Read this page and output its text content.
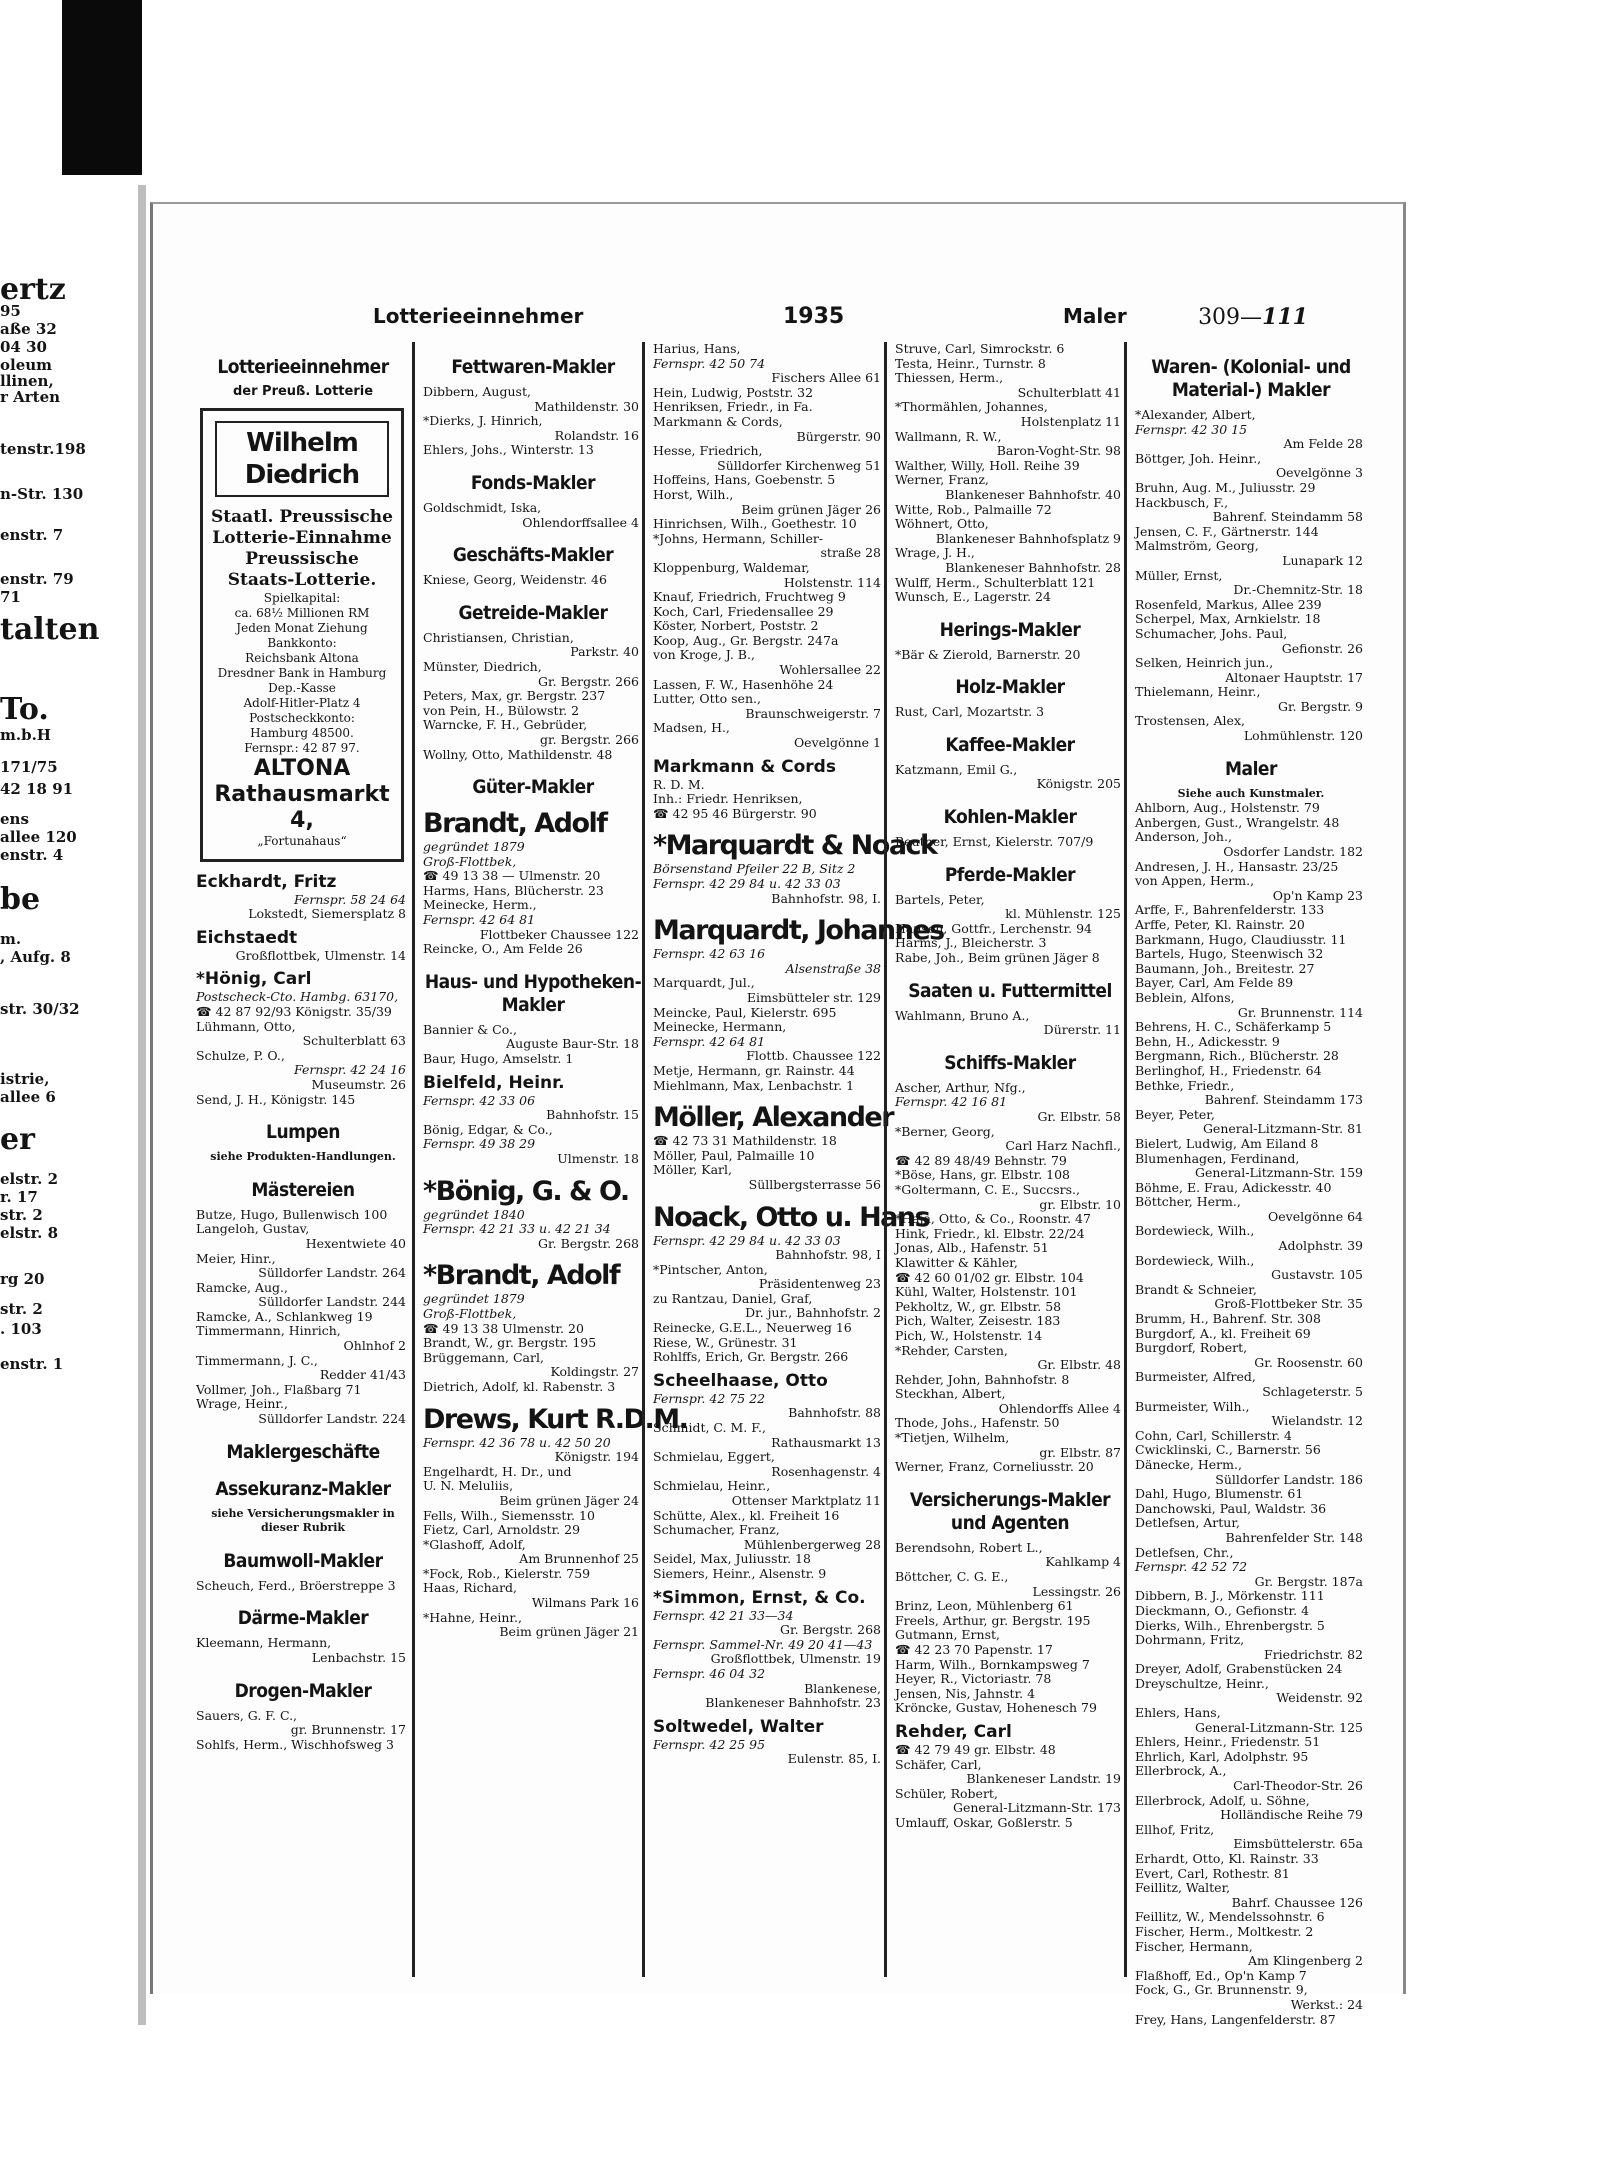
ertz
95
aße 32
04 30
oleum
llinen,
r Arten
tenstr.198
n-Str. 130
enstr. 7
enstr. 79
71
talten
To.
m.b.H
171/75
42 18 91
ens
allee 120
enstr. 4
be
m.
, Aufg. 8
str. 30/32
istrie,
allee 6
er
elstr. 2
r. 17
str. 2
elstr. 8
rg 20
str. 2
. 103
enstr. 1
Lotterieeinnehmer	1935	Maler	309—111
Lotterieeinnehmer
der Preuß. Lotterie
Wilhelm Diedrich
Staatl. Preussische
Lotterie-Einnahme
Preussische Staats-Lotterie.
Spielkapital:
ca. 68½ Millionen RM
Jeden Monat Ziehung
Bankkonto:
Reichsbank Altona
Dresdner Bank in Hamburg
Dep.-Kasse
Adolf-Hitler-Platz 4
Postscheckkonto:
Hamburg 48500.
Fernspr.: 42 87 97.
ALTONA
Rathausmarkt 4,
„Fortunahaus“
Eckhardt, Fritz
Fernspr. 58 24 64
Lokstedt, Siemersplatz 8
Eichstaedt
Großflottbek, Ulmenstr. 14
*Hönig, Carl
Postscheck-Cto. Hambg. 63170,
☎ 42 87 92/93 Königstr. 35/39
Lühmann, Otto,
Schulterblatt 63
Schulze, P. O.,
Fernspr. 42 24 16
Museumstr. 26
Send, J. H., Königstr. 145
Lumpen
siehe Produkten-Handlungen.
Mästereien
Butze, Hugo, Bullenwisch 100
Langeloh, Gustav,
Hexentwiete 40
Meier, Hinr.,
Sülldorfer Landstr. 264
Ramcke, Aug.,
Sülldorfer Landstr. 244
Ramcke, A., Schlankweg 19
Timmermann, Hinrich,
Ohlnhof 2
Timmermann, J. C.,
Redder 41/43
Vollmer, Joh., Flaßbarg 71
Wrage, Heinr.,
Sülldorfer Landstr. 224
Maklergeschäfte
Assekuranz-Makler
siehe Versicherungsmakler in dieser Rubrik
Baumwoll-Makler
Scheuch, Ferd., Bröerstreppe 3
Därme-Makler
Kleemann, Hermann,
Lenbachstr. 15
Drogen-Makler
Sauers, G. F. C.,
gr. Brunnenstr. 17
Sohlfs, Herm., Wischhofsweg 3
Fettwaren-Makler
Dibbern, August,
Mathildenstr. 30
*Dierks, J. Hinrich,
Rolandstr. 16
Ehlers, Johs., Winterstr. 13
Fonds-Makler
Goldschmidt, Iska,
Ohlendorffsallee 4
Geschäfts-Makler
Kniese, Georg, Weidenstr. 46
Getreide-Makler
Christiansen, Christian,
Parkstr. 40
Münster, Diedrich,
Gr. Bergstr. 266
Peters, Max, gr. Bergstr. 237
von Pein, H., Bülowstr. 2
Warncke, F. H., Gebrüder,
gr. Bergstr. 266
Wollny, Otto, Mathildenstr. 48
Güter-Makler
Brandt, Adolf
gegründet 1879
Groß-Flottbek,
☎ 49 13 38 — Ulmenstr. 20
Harms, Hans, Blücherstr. 23
Meinecke, Herm.,
Fernspr. 42 64 81
Flottbeker Chaussee 122
Reincke, O., Am Felde 26
Haus- und Hypotheken-Makler
Bannier & Co.,
Auguste Baur-Str. 18
Baur, Hugo, Amselstr. 1
Bielfeld, Heinr.
Fernspr. 42 33 06
Bahnhofstr. 15
Bönig, Edgar, & Co.,
Fernspr. 49 38 29
Ulmenstr. 18
*Bönig, G. & O.
gegründet 1840
Fernspr. 42 21 33 u. 42 21 34
Gr. Bergstr. 268
*Brandt, Adolf
gegründet 1879
Groß-Flottbek,
☎ 49 13 38 Ulmenstr. 20
Brandt, W., gr. Bergstr. 195
Brüggemann, Carl,
Koldingstr. 27
Dietrich, Adolf, kl. Rabenstr. 3
Drews, Kurt R.D.M.
Fernspr. 42 36 78 u. 42 50 20
Königstr. 194
Engelhardt, H. Dr., und
U. N. Meluliis,
Beim grünen Jäger 24
Fells, Wilh., Siemensstr. 10
Fietz, Carl, Arnoldstr. 29
*Glashoff, Adolf,
Am Brunnenhof 25
*Fock, Rob., Kielerstr. 759
Haas, Richard,
Wilmans Park 16
*Hahne, Heinr.,
Beim grünen Jäger 21
Harius, Hans,
Fernspr. 42 50 74
Fischers Allee 61
Hein, Ludwig, Poststr. 32
Henriksen, Friedr., in Fa.
Markmann & Cords,
Bürgerstr. 90
Hesse, Friedrich,
Sülldorfer Kirchenweg 51
Hoffeins, Hans, Goebenstr. 5
Horst, Wilh.,
Beim grünen Jäger 26
Hinrichsen, Wilh., Goethestr. 10
*Johns, Hermann, Schiller-
straße 28
Kloppenburg, Waldemar,
Holstenstr. 114
Knauf, Friedrich, Fruchtweg 9
Koch, Carl, Friedensallee 29
Köster, Norbert, Poststr. 2
Koop, Aug., Gr. Bergstr. 247a
von Kroge, J. B.,
Wohlersallee 22
Lassen, F. W., Hasenhöhe 24
Lutter, Otto sen.,
Braunschweigerstr. 7
Madsen, H.,
Oevelgönne 1
Markmann & Cords
R. D. M.
Inh.: Friedr. Henriksen,
☎ 42 95 46 Bürgerstr. 90
*Marquardt & Noack
Börsenstand Pfeiler 22 B, Sitz 2
Fernspr. 42 29 84 u. 42 33 03
Bahnhofstr. 98, I.
Marquardt, Johannes
Fernspr. 42 63 16
Alsenstraße 38
Marquardt, Jul.,
Eimsbütteler str. 129
Meincke, Paul, Kielerstr. 695
Meinecke, Hermann,
Fernspr. 42 64 81
Flottb. Chaussee 122
Metje, Hermann, gr. Rainstr. 44
Miehlmann, Max, Lenbachstr. 1
Möller, Alexander
☎ 42 73 31 Mathildenstr. 18
Möller, Paul, Palmaille 10
Möller, Karl,
Süllbergsterrasse 56
Noack, Otto u. Hans
Fernspr. 42 29 84 u. 42 33 03
Bahnhofstr. 98, I
*Pintscher, Anton,
Präsidentenweg 23
zu Rantzau, Daniel, Graf,
Dr. jur., Bahnhofstr. 2
Reinecke, G.E.L., Neuerweg 16
Riese, W., Grünestr. 31
Rohlffs, Erich, Gr. Bergstr. 266
Scheelhaase, Otto
Fernspr. 42 75 22
Bahnhofstr. 88
Schmidt, C. M. F.,
Rathausmarkt 13
Schmielau, Eggert,
Rosenhagenstr. 4
Schmielau, Heinr.,
Ottenser Marktplatz 11
Schütte, Alex., kl. Freiheit 16
Schumacher, Franz,
Mühlenbergerweg 28
Seidel, Max, Juliusstr. 18
Siemers, Heinr., Alsenstr. 9
*Simmon, Ernst, & Co.
Fernspr. 42 21 33—34
Gr. Bergstr. 268
Fernspr. Sammel-Nr. 49 20 41—43
Großflottbek, Ulmenstr. 19
Fernspr. 46 04 32
Blankenese,
Blankeneser Bahnhofstr. 23
Soltwedel, Walter
Fernspr. 42 25 95
Eulenstr. 85, I.
Struve, Carl, Simrockstr. 6
Testa, Heinr., Turnstr. 8
Thiessen, Herm.,
Schulterblatt 41
*Thormählen, Johannes,
Holstenplatz 11
Wallmann, R. W.,
Baron-Voght-Str. 98
Walther, Willy, Holl. Reihe 39
Werner, Franz,
Blankeneser Bahnhofstr. 40
Witte, Rob., Palmaille 72
Wöhnert, Otto,
Blankeneser Bahnhofsplatz 9
Wrage, J. H.,
Blankeneser Bahnhofstr. 28
Wulff, Herm., Schulterblatt 121
Wunsch, E., Lagerstr. 24
Herings-Makler
*Bär & Zierold, Barnerstr. 20
Holz-Makler
Rust, Carl, Mozartstr. 3
Kaffee-Makler
Katzmann, Emil G.,
Königstr. 205
Kohlen-Makler
Beutner, Ernst, Kielerstr. 707/9
Pferde-Makler
Bartels, Peter,
kl. Mühlenstr. 125
Hansen, Gottfr., Lerchenstr. 94
Harms, J., Bleicherstr. 3
Rabe, Joh., Beim grünen Jäger 8
Saaten u. Futtermittel
Wahlmann, Bruno A.,
Dürerstr. 11
Schiffs-Makler
Ascher, Arthur, Nfg.,
Fernspr. 42 16 81
Gr. Elbstr. 58
*Berner, Georg,
Carl Harz Nachfl.,
☎ 42 89 48/49 Behnstr. 79
*Böse, Hans, gr. Elbstr. 108
*Goltermann, C. E., Succsrs.,
gr. Elbstr. 10
*Haja, Otto, & Co., Roonstr. 47
Hink, Friedr., kl. Elbstr. 22/24
Jonas, Alb., Hafenstr. 51
Klawitter & Kähler,
☎ 42 60 01/02 gr. Elbstr. 104
Kühl, Walter, Holstenstr. 101
Pekholtz, W., gr. Elbstr. 58
Pich, Walter, Zeisestr. 183
Pich, W., Holstenstr. 14
*Rehder, Carsten,
Gr. Elbstr. 48
Rehder, John, Bahnhofstr. 8
Steckhan, Albert,
Ohlendorffs Allee 4
Thode, Johs., Hafenstr. 50
*Tietjen, Wilhelm,
gr. Elbstr. 87
Werner, Franz, Corneliusstr. 20
Versicherungs-Makler und Agenten
Berendsohn, Robert L.,
Kahlkamp 4
Böttcher, C. G. E.,
Lessingstr. 26
Brinz, Leon, Mühlenberg 61
Freels, Arthur, gr. Bergstr. 195
Gutmann, Ernst,
☎ 42 23 70 Papenstr. 17
Harm, Wilh., Bornkampsweg 7
Heyer, R., Victoriastr. 78
Jensen, Nis, Jahnstr. 4
Kröncke, Gustav, Hohenesch 79
Rehder, Carl
☎ 42 79 49 gr. Elbstr. 48
Schäfer, Carl,
Blankeneser Landstr. 19
Schüler, Robert,
General-Litzmann-Str. 173
Umlauff, Oskar, Goßlerstr. 5
Waren- (Kolonial- und Material-) Makler
*Alexander, Albert,
Fernspr. 42 30 15
Am Felde 28
Böttger, Joh. Heinr.,
Oevelgönne 3
Bruhn, Aug. M., Juliusstr. 29
Hackbusch, F.,
Bahrenf. Steindamm 58
Jensen, C. F., Gärtnerstr. 144
Malmström, Georg,
Lunapark 12
Müller, Ernst,
Dr.-Chemnitz-Str. 18
Rosenfeld, Markus, Allee 239
Scherpel, Max, Arnkielstr. 18
Schumacher, Johs. Paul,
Gefionstr. 26
Selken, Heinrich jun.,
Altonaer Hauptstr. 17
Thielemann, Heinr.,
Gr. Bergstr. 9
Trostensen, Alex,
Lohmühlenstr. 120
Maler
Siehe auch Kunstmaler.
Ahlborn, Aug., Holstenstr. 79
Anbergen, Gust., Wrangelstr. 48
Anderson, Joh.,
Osdorfer Landstr. 182
Andresen, J. H., Hansastr. 23/25
von Appen, Herm.,
Op'n Kamp 23
Arffe, F., Bahrenfelderstr. 133
Arffe, Peter, Kl. Rainstr. 20
Barkmann, Hugo, Claudiusstr. 11
Bartels, Hugo, Steenwisch 32
Baumann, Joh., Breitestr. 27
Bayer, Carl, Am Felde 89
Beblein, Alfons,
Gr. Brunnenstr. 114
Behrens, H. C., Schäferkamp 5
Behn, H., Adickesstr. 9
Bergmann, Rich., Blücherstr. 28
Berlinghof, H., Friedenstr. 64
Bethke, Friedr.,
Bahrenf. Steindamm 173
Beyer, Peter,
General-Litzmann-Str. 81
Bielert, Ludwig, Am Eiland 8
Blumenhagen, Ferdinand,
General-Litzmann-Str. 159
Böhme, E. Frau, Adickesstr. 40
Böttcher, Herm.,
Oevelgönne 64
Bordewieck, Wilh.,
Adolphstr. 39
Bordewieck, Wilh.,
Gustavstr. 105
Brandt & Schneier,
Groß-Flottbeker Str. 35
Brumm, H., Bahrenf. Str. 308
Burgdorf, A., kl. Freiheit 69
Burgdorf, Robert,
Gr. Roosenstr. 60
Burmeister, Alfred,
Schlageterstr. 5
Burmeister, Wilh.,
Wielandstr. 12
Cohn, Carl, Schillerstr. 4
Cwicklinski, C., Barnerstr. 56
Dänecke, Herm.,
Sülldorfer Landstr. 186
Dahl, Hugo, Blumenstr. 61
Danchowski, Paul, Waldstr. 36
Detlefsen, Artur,
Bahrenfelder Str. 148
Detlefsen, Chr.,
Fernspr. 42 52 72
Gr. Bergstr. 187a
Dibbern, B. J., Mörkenstr. 111
Dieckmann, O., Gefionstr. 4
Dierks, Wilh., Ehrenbergstr. 5
Dohrmann, Fritz,
Friedrichstr. 82
Dreyer, Adolf, Grabenstücken 24
Dreyschultze, Heinr.,
Weidenstr. 92
Ehlers, Hans,
General-Litzmann-Str. 125
Ehlers, Heinr., Friedenstr. 51
Ehrlich, Karl, Adolphstr. 95
Ellerbrock, A.,
Carl-Theodor-Str. 26
Ellerbrock, Adolf, u. Söhne,
Holländische Reihe 79
Ellhof, Fritz,
Eimsbüttelerstr. 65a
Erhardt, Otto, Kl. Rainstr. 33
Evert, Carl, Rothestr. 81
Feillitz, Walter,
Bahrf. Chaussee 126
Feillitz, W., Mendelssohnstr. 6
Fischer, Herm., Moltkestr. 2
Fischer, Hermann,
Am Klingenberg 2
Flaßhoff, Ed., Op'n Kamp 7
Fock, G., Gr. Brunnenstr. 9,
Werkst.: 24
Frey, Hans, Langenfelderstr. 87
